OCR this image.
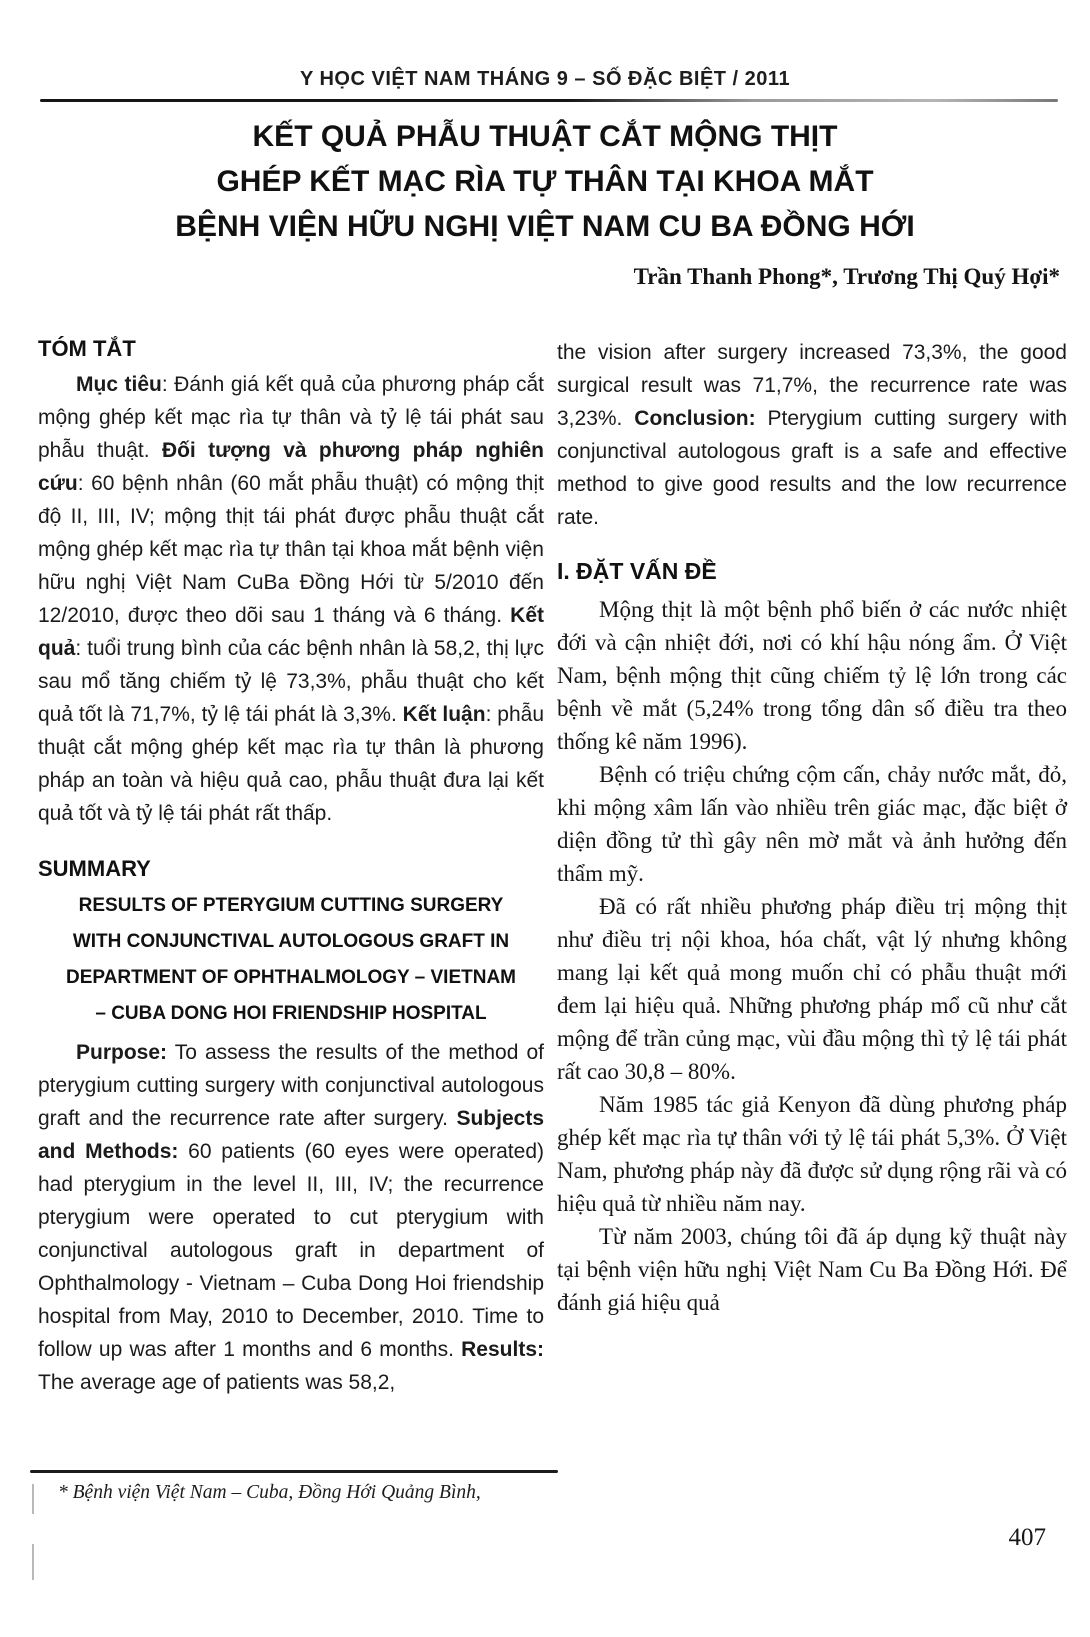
Y HỌC VIỆT NAM THÁNG 9 – SỐ ĐẶC BIỆT / 2011
KẾT QUẢ PHẪU THUẬT CẮT MỘNG THỊT
GHÉP KẾT MẠC RÌA TỰ THÂN TẠI KHOA MẮT
BỆNH VIỆN HỮU NGHỊ VIỆT NAM CU BA ĐỒNG HỚI
Trần Thanh Phong*, Trương Thị Quý Hợi*
TÓM TẮT

Mục tiêu: Đánh giá kết quả của phương pháp cắt mộng ghép kết mạc rìa tự thân và tỷ lệ tái phát sau phẫu thuật. Đối tượng và phương pháp nghiên cứu: 60 bệnh nhân (60 mắt phẫu thuật) có mộng thịt độ II, III, IV; mộng thịt tái phát được phẫu thuật cắt mộng ghép kết mạc rìa tự thân tại khoa mắt bệnh viện hữu nghị Việt Nam CuBa Đồng Hới từ 5/2010 đến 12/2010, được theo dõi sau 1 tháng và 6 tháng. Kết quả: tuổi trung bình của các bệnh nhân là 58,2, thị lực sau mổ tăng chiếm tỷ lệ 73,3%, phẫu thuật cho kết quả tốt là 71,7%, tỷ lệ tái phát là 3,3%. Kết luận: phẫu thuật cắt mộng ghép kết mạc rìa tự thân là phương pháp an toàn và hiệu quả cao, phẫu thuật đưa lại kết quả tốt và tỷ lệ tái phát rất thấp.

SUMMARY
RESULTS OF PTERYGIUM CUTTING SURGERY
WITH CONJUNCTIVAL AUTOLOGOUS GRAFT IN
DEPARTMENT OF OPHTHALMOLOGY – VIETNAM
– CUBA DONG HOI FRIENDSHIP HOSPITAL

Purpose: To assess the results of the method of pterygium cutting surgery with conjunctival autologous graft and the recurrence rate after surgery. Subjects and Methods: 60 patients (60 eyes were operated) had pterygium in the level II, III, IV; the recurrence pterygium were operated to cut pterygium with conjunctival autologous graft in department of Ophthalmology - Vietnam – Cuba Dong Hoi friendship hospital from May, 2010 to December, 2010. Time to follow up was after 1 months and 6 months. Results: The average age of patients was 58,2,

the vision after surgery increased 73,3%, the good surgical result was 71,7%, the recurrence rate was 3,23%. Conclusion: Pterygium cutting surgery with conjunctival autologous graft is a safe and effective method to give good results and the low recurrence rate.

I. ĐẶT VẤN ĐỀ

Mộng thịt là một bệnh phổ biến ở các nước nhiệt đới và cận nhiệt đới, nơi có khí hậu nóng ẩm. Ở Việt Nam, bệnh mộng thịt cũng chiếm tỷ lệ lớn trong các bệnh về mắt (5,24% trong tổng dân số điều tra theo thống kê năm 1996).

Bệnh có triệu chứng cộm cấn, chảy nước mắt, đỏ, khi mộng xâm lấn vào nhiều trên giác mạc, đặc biệt ở diện đồng tử thì gây nên mờ mắt và ảnh hưởng đến thẩm mỹ.

Đã có rất nhiều phương pháp điều trị mộng thịt như điều trị nội khoa, hóa chất, vật lý nhưng không mang lại kết quả mong muốn chỉ có phẫu thuật mới đem lại hiệu quả. Những phương pháp mổ cũ như cắt mộng để trần củng mạc, vùi đầu mộng thì tỷ lệ tái phát rất cao 30,8 – 80%.

Năm 1985 tác giả Kenyon đã dùng phương pháp ghép kết mạc rìa tự thân với tỷ lệ tái phát 5,3%. Ở Việt Nam, phương pháp này đã được sử dụng rộng rãi và có hiệu quả từ nhiều năm nay.

Từ năm 2003, chúng tôi đã áp dụng kỹ thuật này tại bệnh viện hữu nghị Việt Nam Cu Ba Đồng Hới. Để đánh giá hiệu quả

* Bệnh viện Việt Nam – Cuba, Đồng Hới Quảng Bình,
407
